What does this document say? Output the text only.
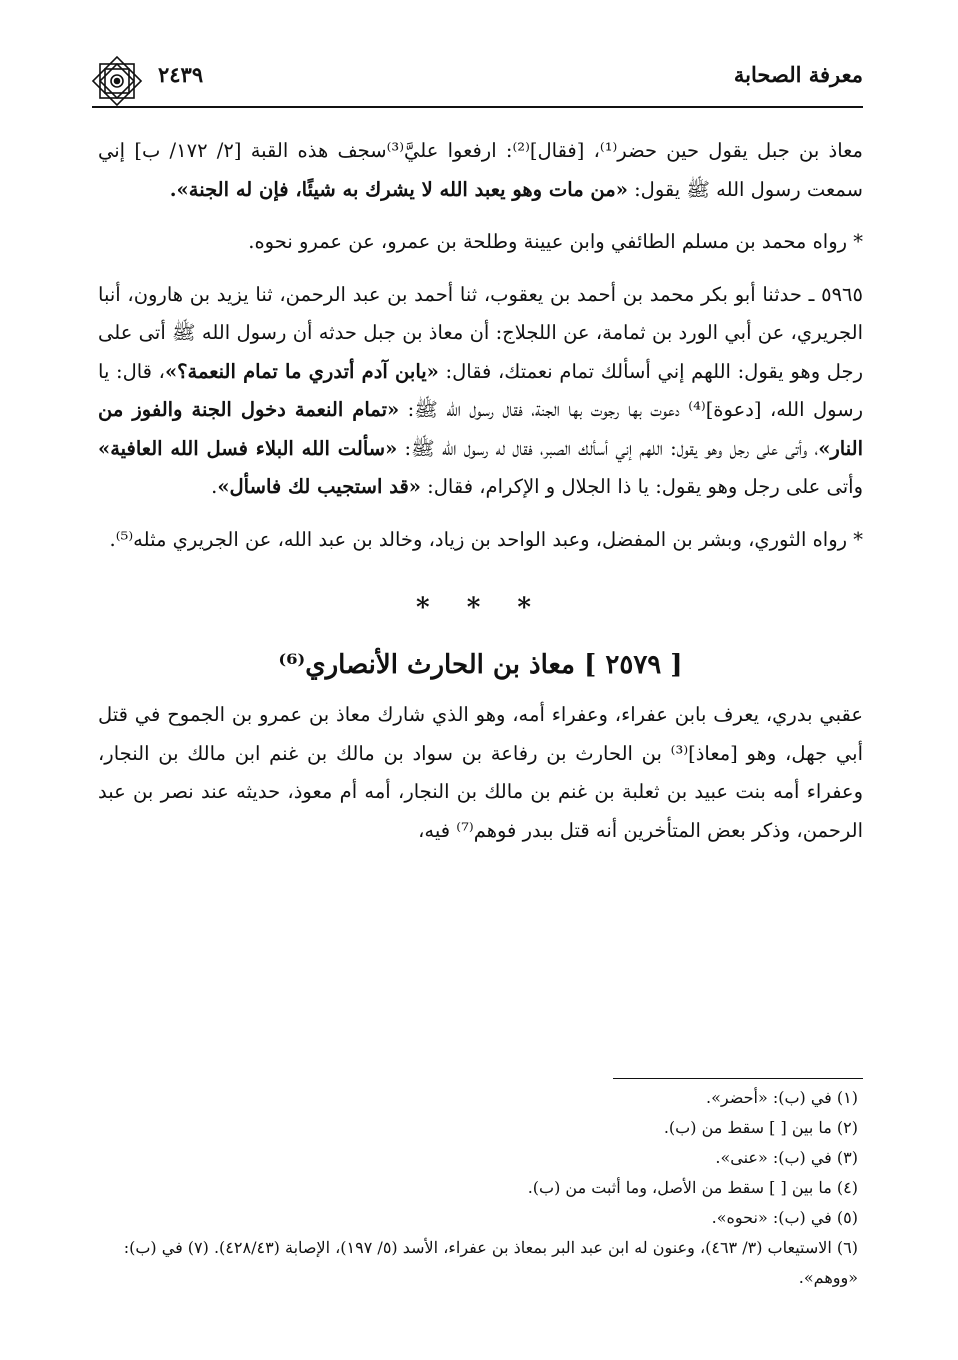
معرفة الصحابة
٢٤٣٩

معاذ بن جبل يقول حين حضر⁽¹⁾، [فقال]⁽²⁾: ارفعوا عليَّ⁽³⁾سجف هذه القبة [٢/ ١٧٢/ ب] إني سمعت رسول الله ﷺ يقول: «من مات وهو يعبد الله لا يشرك به شيئًا، فإن له الجنة».

* رواه محمد بن مسلم الطائفي وابن عيينة وطلحة بن عمرو، عن عمرو نحوه.

٥٩٦٥ ـ حدثنا أبو بكر محمد بن أحمد بن يعقوب، ثنا أحمد بن عبد الرحمن، ثنا يزيد بن هارون، أنبا الجريري، عن أبي الورد بن ثمامة، عن اللجلاج: أن معاذ بن جبل حدثه أن رسول الله ﷺ أتى على رجل وهو يقول: اللهم إني أسألك تمام نعمتك، فقال: «يابن آدم أتدري ما تمام النعمة؟»، قال: يا رسول الله، [دعوة]⁽⁴⁾ دعوت بها رجوت بها الجنة، فقال رسول الله ﷺ: «تمام النعمة دخول الجنة والفوز من النار»، وأتى على رجل وهو يقول: اللهم إني أسألك الصبر، فقال له رسول الله ﷺ: «سألت الله البلاء فسل الله العافية» وأتى على رجل وهو يقول: يا ذا الجلال و الإكرام، فقال: «قد استجيب لك فاسأل».

* رواه الثوري، وبشر بن المفضل، وعبد الواحد بن زياد، وخالد بن عبد الله، عن الجريري مثله⁽⁵⁾.

* * *
[ ٢٥٧٩ ] معاذ بن الحارث الأنصاري⁽⁶⁾

عقبي بدري، يعرف بابن عفراء، وعفراء أمه، وهو الذي شارك معاذ بن عمرو بن الجموح في قتل أبي جهل، وهو [معاذ]⁽³⁾ بن الحارث بن رفاعة بن سواد بن مالك بن غنم ابن مالك بن النجار، وعفراء أمه بنت عبيد بن ثعلبة بن غنم بن مالك بن النجار، أمه أم معوذ، حديثه عند نصر بن عبد الرحمن، وذكر بعض المتأخرين أنه قتل ببدر فوهم⁽⁷⁾ فيه،

(١) في (ب): «أحضر».
(٢) ما بين [ ] سقط من (ب).
(٣) في (ب): «عنى».
(٤) ما بين [ ] سقط من الأصل، وما أثبت من (ب).
(٥) في (ب): «نحوه».
(٦) الاستيعاب (٣/ ٤٦٣)، وعنون له ابن عبد البر بمعاذ بن عفراء، الأسد (٥/ ١٩٧)، الإصابة (٤٢٨/٤٣). (٧) في (ب): «ووهم».
